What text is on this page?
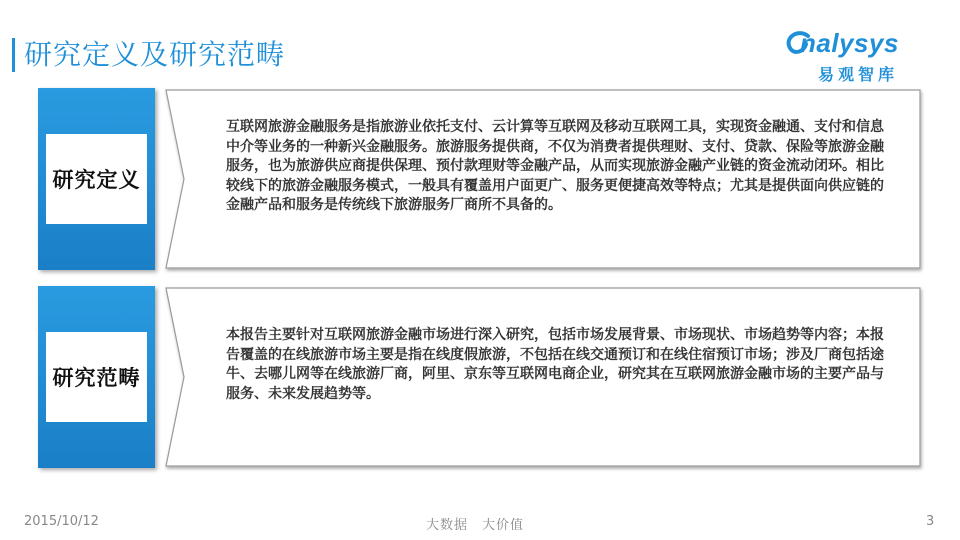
研究定义及研究范畴	nalysys
易观智库
研究定义
互联网旅游金融服务是指旅游业依托支付、云计算等互联网及移动互联网工具，实现资金融通、支付和信息中介等业务的一种新兴金融服务。旅游服务提供商，不仅为消费者提供理财、支付、贷款、保险等旅游金融服务，也为旅游供应商提供保理、预付款理财等金融产品，从而实现旅游金融产业链的资金流动闭环。相比较线下的旅游金融服务模式，一般具有覆盖用户面更广、服务更便捷高效等特点；尤其是提供面向供应链的金融产品和服务是传统线下旅游服务厂商所不具备的。
研究范畴
本报告主要针对互联网旅游金融市场进行深入研究，包括市场发展背景、市场现状、市场趋势等内容；本报告覆盖的在线旅游市场主要是指在线度假旅游，不包括在线交通预订和在线住宿预订市场；涉及厂商包括途牛、去哪儿网等在线旅游厂商，阿里、京东等互联网电商企业，研究其在互联网旅游金融市场的主要产品与服务、未来发展趋势等。
2015/10/12	大数据 大价值	3
